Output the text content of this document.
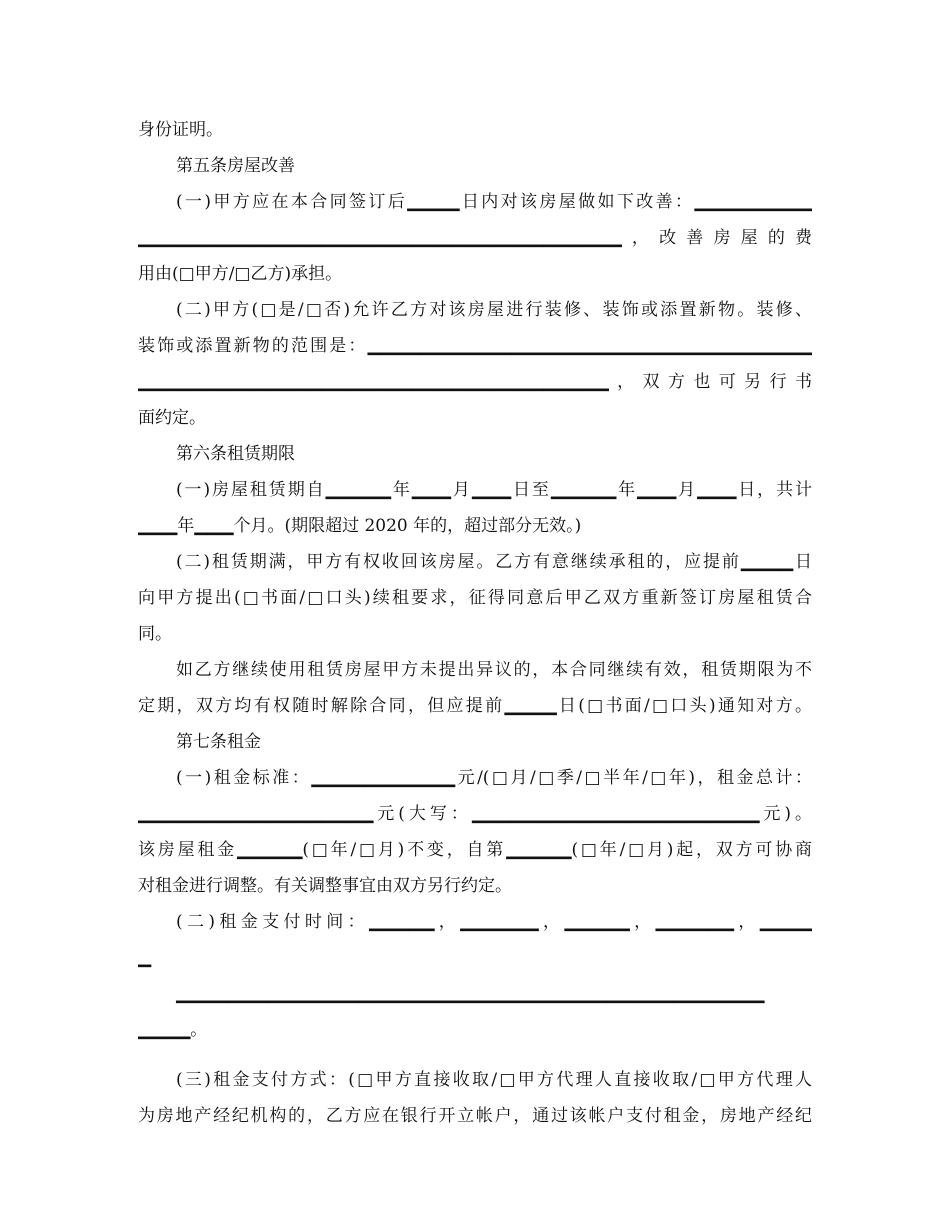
身份证明。
第五条房屋改善
(一)甲方应在本合同签订后▁▁▁▁日内对该房屋做如下改善：▁▁▁▁▁▁▁▁▁
▁▁▁▁▁▁▁▁▁▁▁▁▁▁▁▁▁▁▁▁▁▁▁▁▁▁▁▁▁▁▁▁▁▁▁▁▁，改善房屋的费
用由(□甲方/□乙方)承担。
(二)甲方(□是/□否)允许乙方对该房屋进行装修、装饰或添置新物。装修、
装饰或添置新物的范围是：▁▁▁▁▁▁▁▁▁▁▁▁▁▁▁▁▁▁▁▁▁▁▁▁▁▁▁▁▁▁▁▁▁▁
▁▁▁▁▁▁▁▁▁▁▁▁▁▁▁▁▁▁▁▁▁▁▁▁▁▁▁▁▁▁▁▁▁▁▁▁，双方也可另行书
面约定。
第六条租赁期限
(一)房屋租赁期自▁▁▁▁▁年▁▁▁月▁▁▁日至▁▁▁▁▁年▁▁▁月▁▁▁日，共计
▁▁▁年▁▁▁个月。(期限超过 2020 年的，超过部分无效。)
(二)租赁期满，甲方有权收回该房屋。乙方有意继续承租的，应提前▁▁▁▁日
向甲方提出(□书面/□口头)续租要求，征得同意后甲乙双方重新签订房屋租赁合
同。
如乙方继续使用租赁房屋甲方未提出异议的，本合同继续有效，租赁期限为不
定期，双方均有权随时解除合同，但应提前▁▁▁▁日(□书面/□口头)通知对方。
第七条租金
(一)租金标准：▁▁▁▁▁▁▁▁▁▁▁元/(□月/□季/□半年/□年)，租金总计：
▁▁▁▁▁▁▁▁▁▁▁▁▁▁▁▁▁▁元(大写：▁▁▁▁▁▁▁▁▁▁▁▁▁▁▁▁▁▁▁▁▁▁元)。
该房屋租金▁▁▁▁▁(□年/□月)不变，自第▁▁▁▁▁(□年/□月)起，双方可协商
对租金进行调整。有关调整事宜由双方另行约定。
(二)租金支付时间：▁▁▁▁▁，▁▁▁▁▁▁，▁▁▁▁▁，▁▁▁▁▁▁，▁▁▁▁
▁
▁▁▁▁▁▁▁▁▁▁▁▁▁▁▁▁▁▁▁▁▁▁▁▁▁▁▁▁▁▁▁▁▁▁▁▁▁▁▁▁▁▁▁▁▁
▁▁▁▁。
(三)租金支付方式：(□甲方直接收取/□甲方代理人直接收取/□甲方代理人
为房地产经纪机构的，乙方应在银行开立帐户，通过该帐户支付租金，房地产经纪
